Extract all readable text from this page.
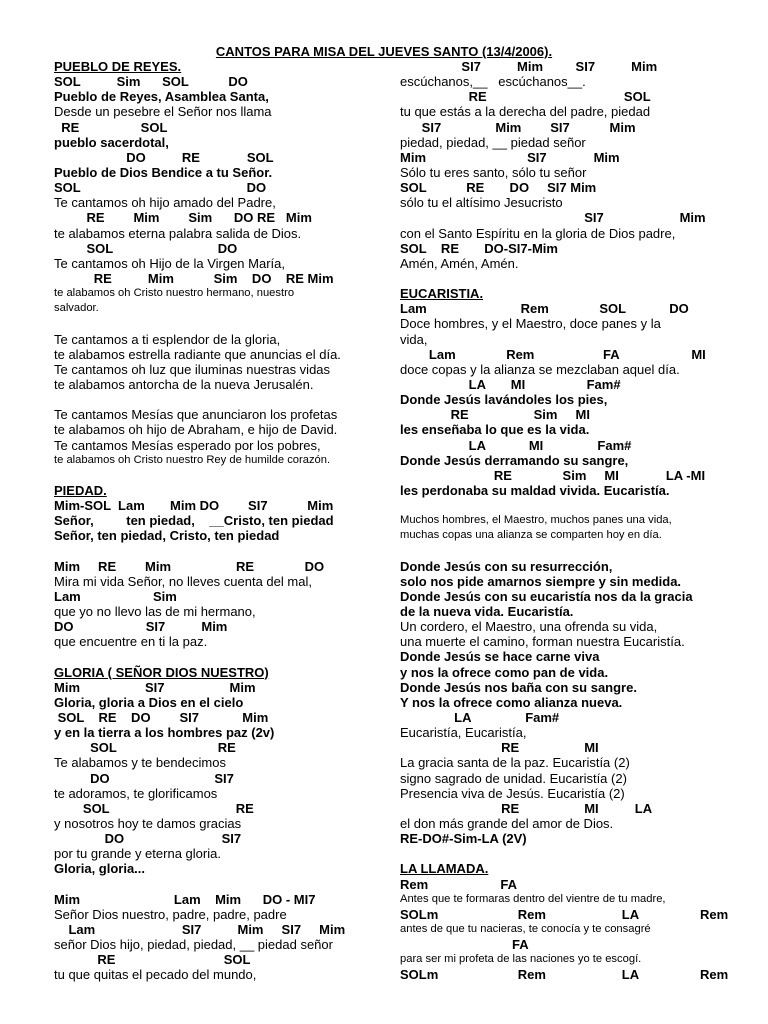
CANTOS PARA MISA DEL JUEVES SANTO (13/4/2006).
PUEBLO DE REYES.
SOL          Sim      SOL           DO
Pueblo de Reyes, Asamblea Santa,
Desde un pesebre el Señor nos llama
RE                 SOL
pueblo sacerdotal,
DO          RE             SOL
Pueblo de Dios Bendice a tu Señor.
SOL                                              DO
Te cantamos oh hijo amado del Padre,
RE        Mim        Sim      DO RE   Mim
te alabamos eterna palabra salida de Dios.
SOL                             DO
Te cantamos oh Hijo de la Virgen María,
RE          Mim           Sim    DO    RE Mim
te alabamos oh Cristo nuestro hermano, nuestro
salvador.
Te cantamos a ti esplendor de la gloria,
te alabamos estrella radiante que anuncias el día.
Te cantamos oh luz que iluminas nuestras vidas
te alabamos antorcha de la nueva Jerusalén.
Te cantamos Mesías que anunciaron los profetas
te alabamos oh hijo de Abraham, e hijo de David.
Te cantamos Mesías esperado por los pobres,
te alabamos oh Cristo nuestro Rey de humilde corazón.
PIEDAD.
Mim-SOL  Lam       Mim DO        SI7           Mim
Señor,         ten piedad,    __Cristo, ten piedad
Señor, ten piedad, Cristo, ten piedad
Mim     RE        Mim                  RE              DO
Mira mi vida Señor, no lleves cuenta del mal,
Lam                    Sim
que yo no llevo las de mi hermano,
DO                    SI7          Mim
que encuentre en ti la paz.
GLORIA ( SEÑOR DIOS NUESTRO)
Mim                  SI7                  Mim
Gloria, gloria a Dios en el cielo
SOL    RE    DO        SI7            Mim
y en la tierra a los hombres paz (2v)
SOL                            RE
Te alabamos y te bendecimos
DO                             SI7
te adoramos, te glorificamos
SOL                                   RE
y nosotros hoy te damos gracias
DO                           SI7
por tu grande y eterna gloria.
Gloria, gloria...
Mim                          Lam    Mim      DO - MI7
Señor Dios nuestro, padre, padre, padre
Lam                        SI7          Mim     SI7     Mim
señor Dios hijo, piedad, piedad, __ piedad señor
RE                              SOL
tu que quitas el pecado del mundo,
SI7          Mim         SI7          Mim
escúchanos,__   escúchanos__.
RE                                      SOL
tu que estás a la derecha del padre, piedad
SI7               Mim        SI7           Mim
piedad, piedad, __ piedad señor
Mim                            SI7             Mim
Sólo tu eres santo, sólo tu señor
SOL           RE       DO     SI7 Mim
sólo tu el altísimo Jesucristo
SI7                     Mim
con el Santo Espíritu en la gloria de Dios padre,
SOL    RE       DO-SI7-Mim
Amén, Amén, Amén.
EUCARISTIA.
Lam                          Rem              SOL            DO
Doce hombres, y el Maestro, doce panes y la
vida,
Lam              Rem                   FA                    MI
doce copas y la alianza se mezclaban aquel día.
LA       MI                 Fam#
Donde Jesús lavándoles los pies,
RE                  Sim     MI
les enseñaba lo que es la vida.
LA            MI               Fam#
Donde Jesús derramando su sangre,
RE              Sim     MI             LA -MI
les perdonaba su maldad vivida. Eucaristía.
Muchos hombres, el Maestro, muchos panes una vida,
muchas copas una alianza se comparten hoy en día.
Donde Jesús con su resurrección,
solo nos pide amarnos siempre y sin medida.
Donde Jesús con su eucaristía nos da la gracia
de la nueva vida. Eucaristía.
Un cordero, el Maestro, una ofrenda su vida,
una muerte el camino, forman nuestra Eucaristía.
Donde Jesús se hace carne viva
y nos la ofrece como pan de vida.
Donde Jesús nos baña con su sangre.
Y nos la ofrece como alianza nueva.
LA               Fam#
Eucaristía, Eucaristía,
RE                  MI
La gracia santa de la paz. Eucaristía (2)
signo sagrado de unidad. Eucaristía (2)
Presencia viva de Jesús. Eucaristía (2)
RE                  MI          LA
el don más grande del amor de Dios.
RE-DO#-Sim-LA (2V)
LA LLAMADA.
Rem                    FA
Antes que te formaras dentro del vientre de tu madre,
SOLm                      Rem                     LA                 Rem
antes de que tu nacieras, te conocía y te consagré
FA
para ser mi profeta de las naciones yo te escogí.
SOLm                      Rem                     LA                 Rem
